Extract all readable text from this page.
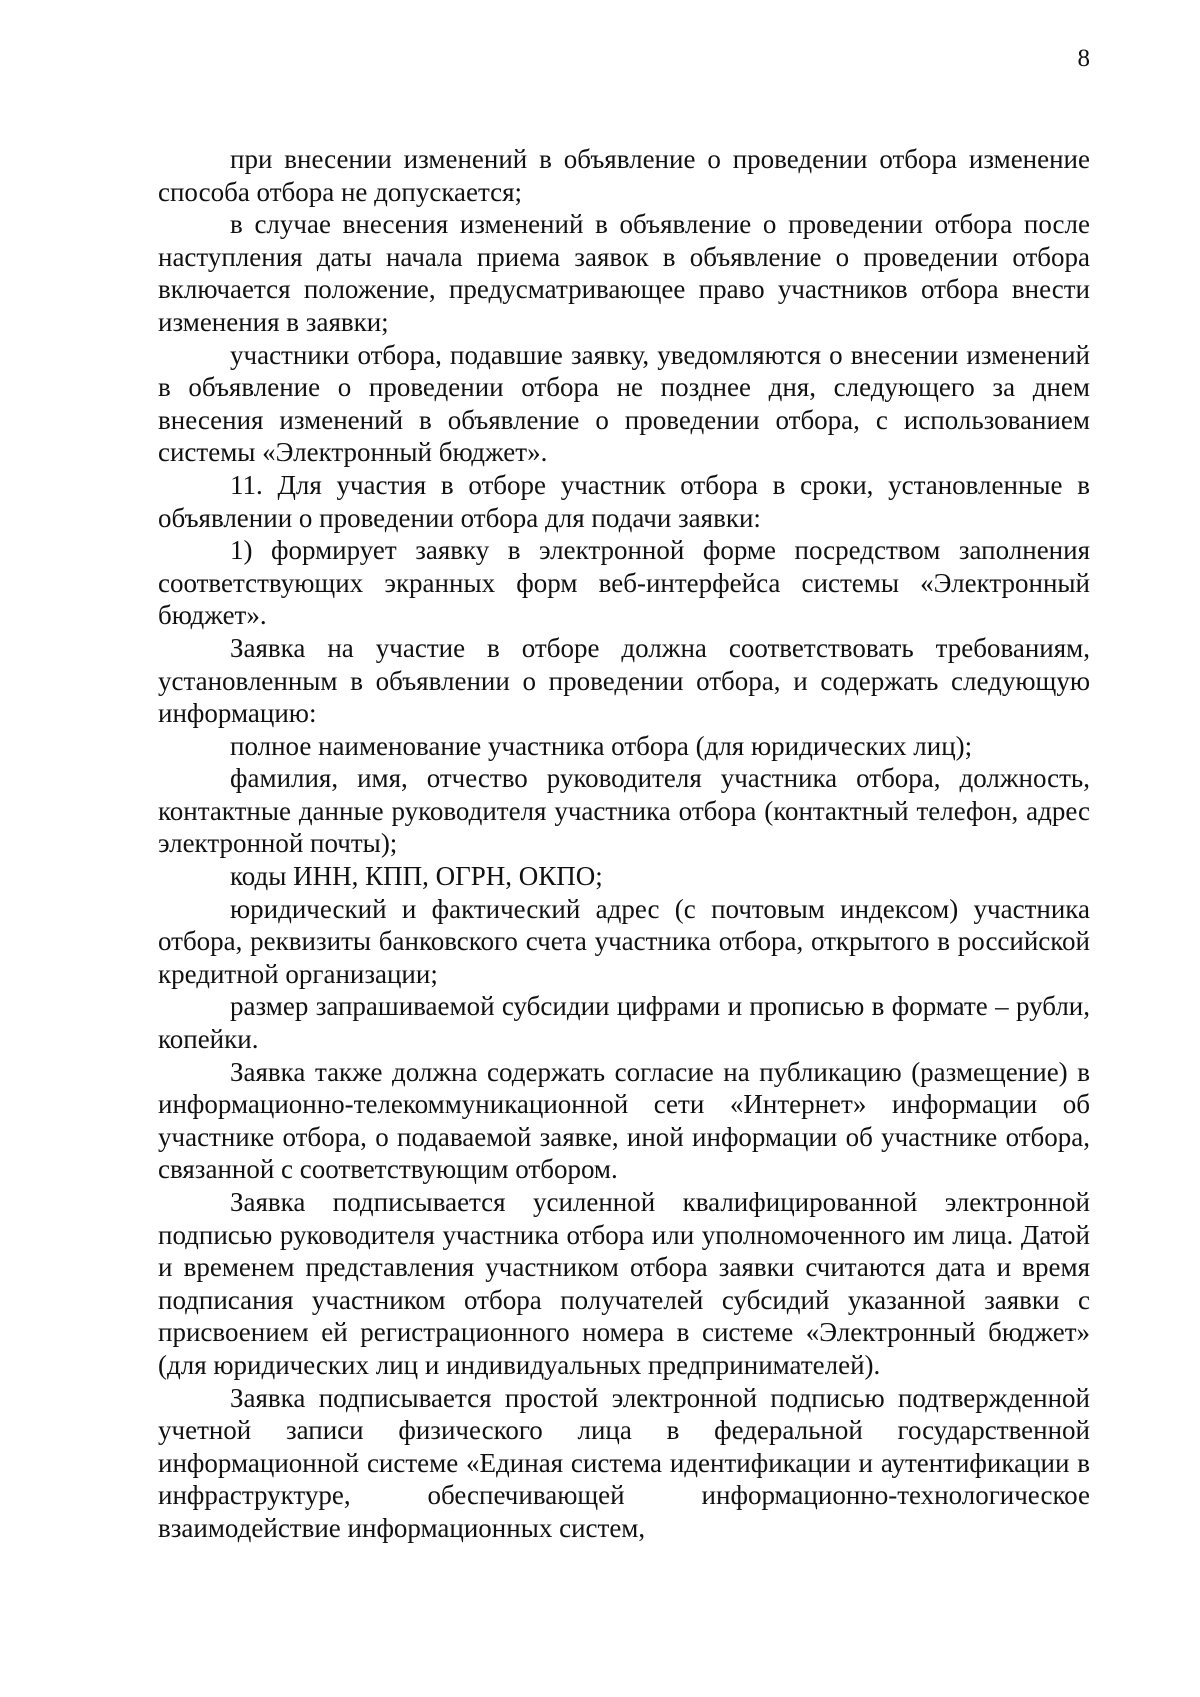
8

при внесении изменений в объявление о проведении отбора изменение способа отбора не допускается;

в случае внесения изменений в объявление о проведении отбора после наступления даты начала приема заявок в объявление о проведении отбора включается положение, предусматривающее право участников отбора внести изменения в заявки;

участники отбора, подавшие заявку, уведомляются о внесении изменений в объявление о проведении отбора не позднее дня, следующего за днем внесения изменений в объявление о проведении отбора, с использованием системы «Электронный бюджет».

11. Для участия в отборе участник отбора в сроки, установленные в объявлении о проведении отбора для подачи заявки:

1) формирует заявку в электронной форме посредством заполнения соответствующих экранных форм веб-интерфейса системы «Электронный бюджет».

Заявка на участие в отборе должна соответствовать требованиям, установленным в объявлении о проведении отбора, и содержать следующую информацию:

полное наименование участника отбора (для юридических лиц);

фамилия, имя, отчество руководителя участника отбора, должность, контактные данные руководителя участника отбора (контактный телефон, адрес электронной почты);

коды ИНН, КПП, ОГРН, ОКПО;

юридический и фактический адрес (с почтовым индексом) участника отбора, реквизиты банковского счета участника отбора, открытого в российской кредитной организации;

размер запрашиваемой субсидии цифрами и прописью в формате – рубли, копейки.

Заявка также должна содержать согласие на публикацию (размещение) в информационно-телекоммуникационной сети «Интернет» информации об участнике отбора, о подаваемой заявке, иной информации об участнике отбора, связанной с соответствующим отбором.

Заявка подписывается усиленной квалифицированной электронной подписью руководителя участника отбора или уполномоченного им лица. Датой и временем представления участником отбора заявки считаются дата и время подписания участником отбора получателей субсидий указанной заявки с присвоением ей регистрационного номера в системе «Электронный бюджет» (для юридических лиц и индивидуальных предпринимателей).

Заявка подписывается простой электронной подписью подтвержденной учетной записи физического лица в федеральной государственной информационной системе «Единая система идентификации и аутентификации в инфраструктуре, обеспечивающей информационно-технологическое взаимодействие информационных систем,
